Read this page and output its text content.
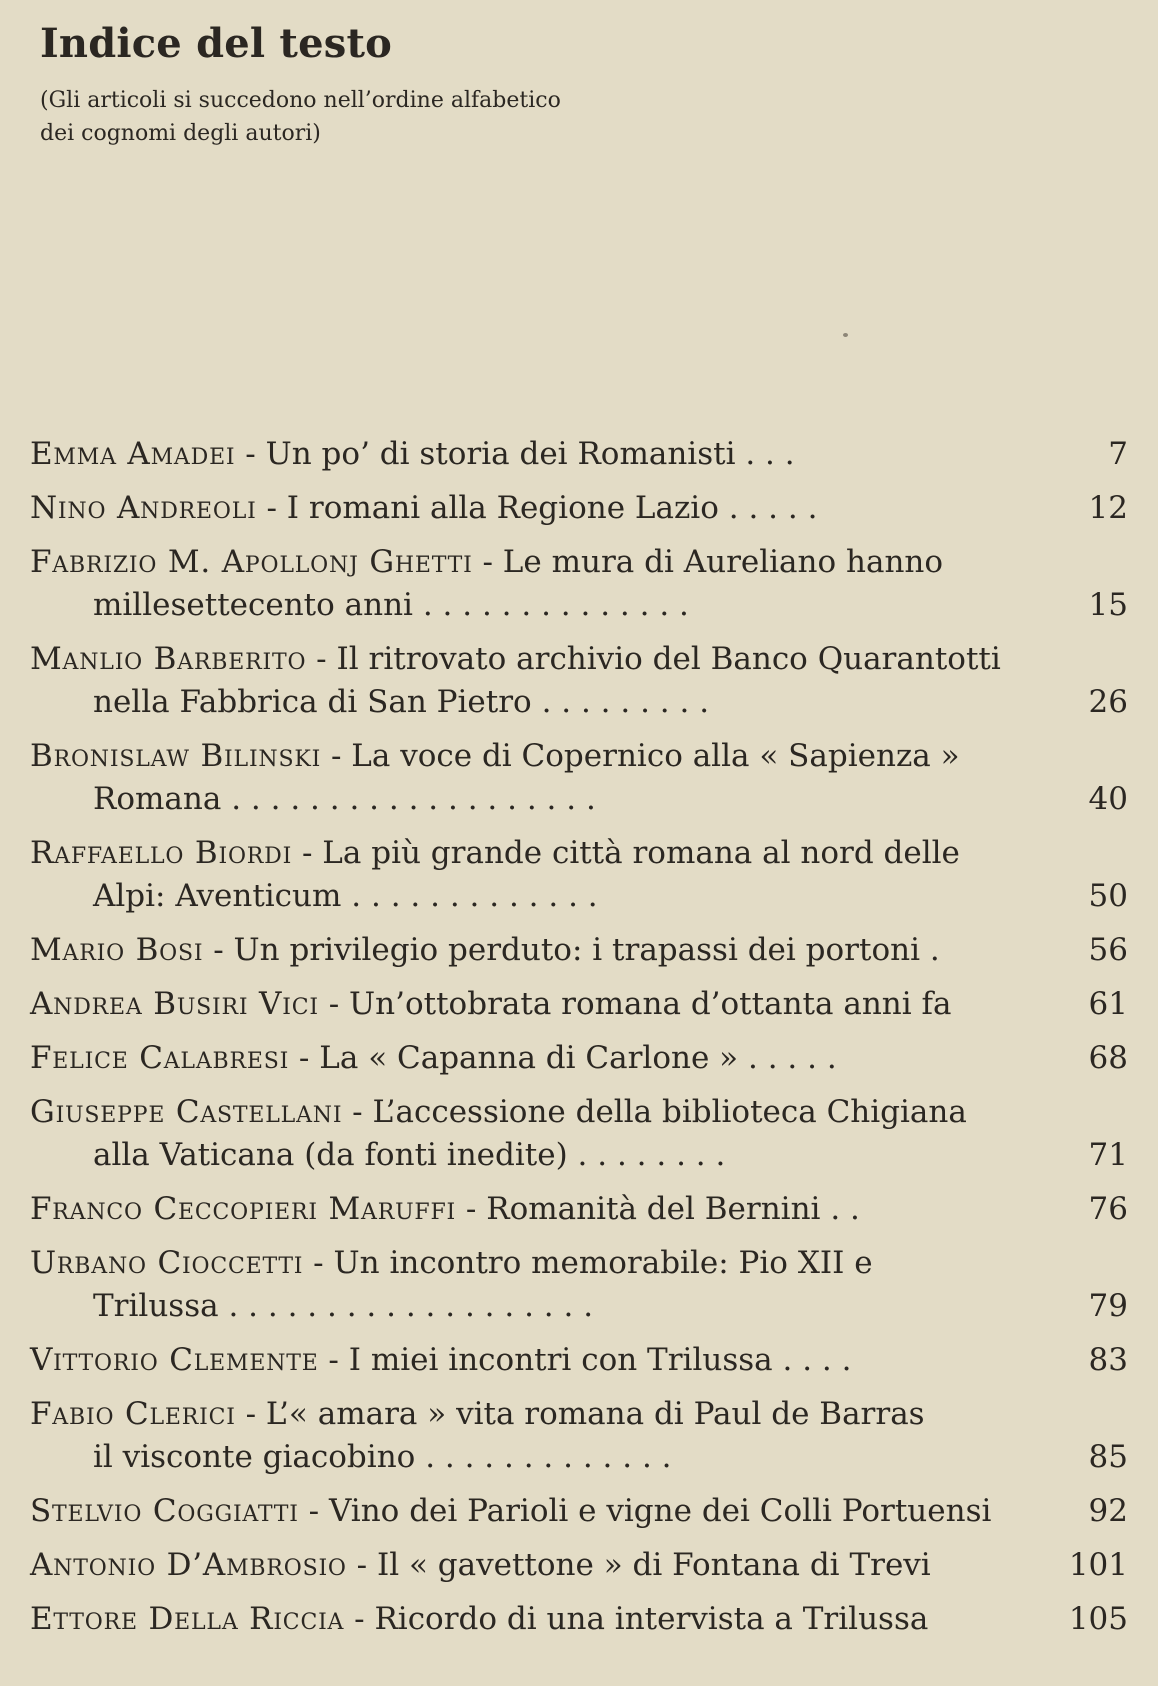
Indice del testo

(Gli articoli si succedono nell’ordine alfabetico
dei cognomi degli autori)

Emma Amadei - Un po’ di storia dei Romanisti . . .	7
Nino Andreoli - I romani alla Regione Lazio . . . . .	12
Fabrizio M. Apollonj Ghetti - Le mura di Aureliano hanno
millesettecento anni . . . . . . . . . . . . . .	15
Manlio Barberito - Il ritrovato archivio del Banco Quarantotti
nella Fabbrica di San Pietro . . . . . . . . .	26
Bronislaw Bilinski - La voce di Copernico alla « Sapienza »
Romana . . . . . . . . . . . . . . . . . . .	40
Raffaello Biordi - La più grande città romana al nord delle
Alpi: Aventicum . . . . . . . . . . . . .	50
Mario Bosi - Un privilegio perduto: i trapassi dei portoni .	56
Andrea Busiri Vici - Un’ottobrata romana d’ottanta anni fa	61
Felice Calabresi - La « Capanna di Carlone » . . . . .	68
Giuseppe Castellani - L’accessione della biblioteca Chigiana
alla Vaticana (da fonti inedite) . . . . . . . .	71
Franco Ceccopieri Maruffi - Romanità del Bernini . .	76
Urbano Cioccetti - Un incontro memorabile: Pio XII e
Trilussa . . . . . . . . . . . . . . . . . . .	79
Vittorio Clemente - I miei incontri con Trilussa . . . .	83
Fabio Clerici - L’« amara » vita romana di Paul de Barras
il visconte giacobino . . . . . . . . . . . . .	85
Stelvio Coggiatti - Vino dei Parioli e vigne dei Colli Portuensi	92
Antonio D’Ambrosio - Il « gavettone » di Fontana di Trevi	101
Ettore Della Riccia - Ricordo di una intervista a Trilussa	105
